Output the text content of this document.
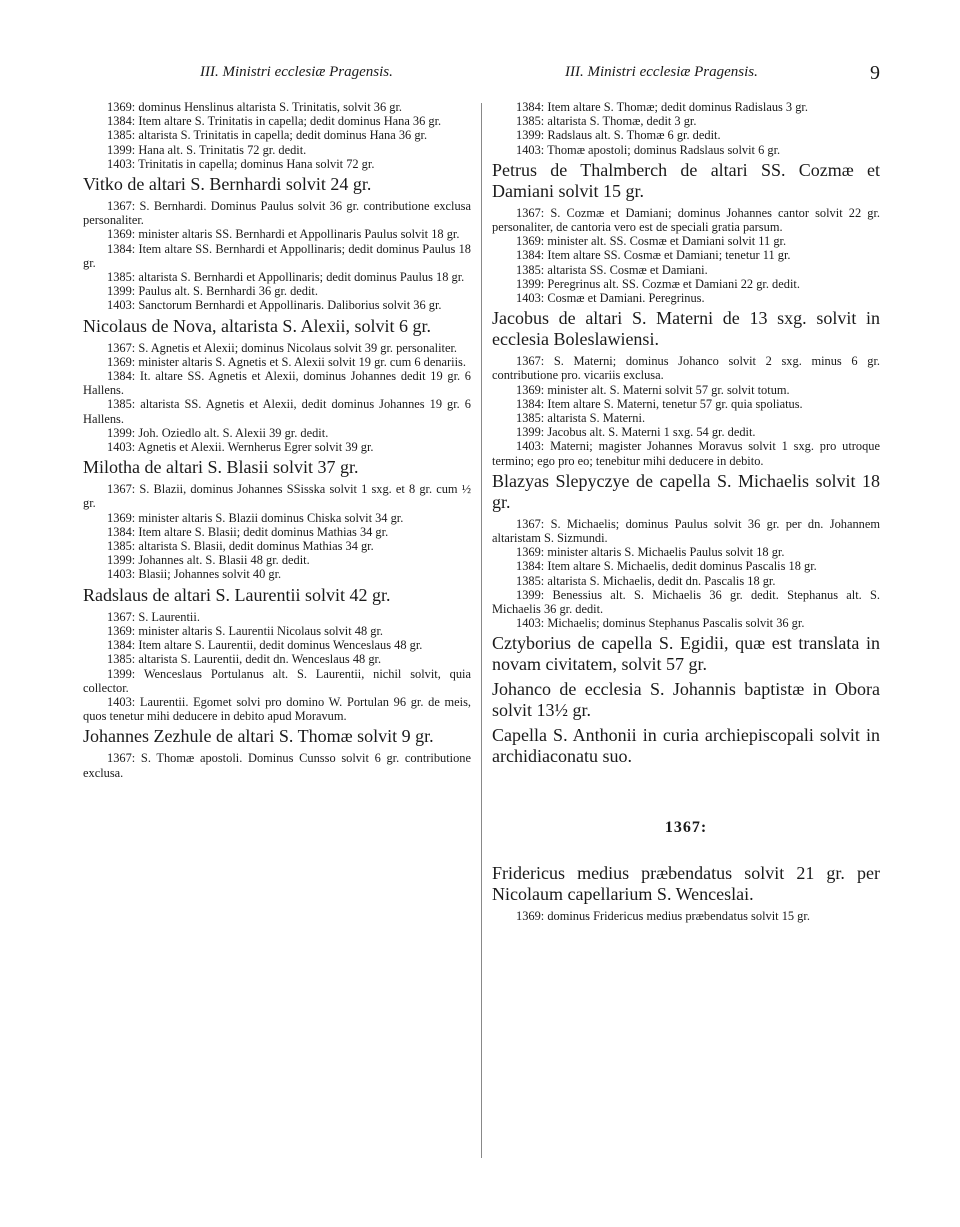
III. Ministri ecclesiæ Pragensis.	III. Ministri ecclesiæ Pragensis.	9

1369: dominus Henslinus altarista S. Trinitatis, solvit 36 gr.

1384: Item altare S. Trinitatis in capella; dedit dominus Hana 36 gr.

1385: altarista S. Trinitatis in capella; dedit dominus Hana 36 gr.

1399: Hana alt. S. Trinitatis 72 gr. dedit.

1403: Trinitatis in capella; dominus Hana solvit 72 gr.

Vitko de altari S. Bernhardi solvit 24 gr.

1367: S. Bernhardi. Dominus Paulus solvit 36 gr. contributione exclusa personaliter.

1369: minister altaris SS. Bernhardi et Appollinaris Paulus solvit 18 gr.

1384: Item altare SS. Bernhardi et Appollinaris; dedit dominus Paulus 18 gr.

1385: altarista S. Bernhardi et Appollinaris; dedit dominus Paulus 18 gr.

1399: Paulus alt. S. Bernhardi 36 gr. dedit.

1403: Sanctorum Bernhardi et Appollinaris. Daliborius solvit 36 gr.

Nicolaus de Nova, altarista S. Alexii, solvit 6 gr.

1367: S. Agnetis et Alexii; dominus Nicolaus solvit 39 gr. personaliter.

1369: minister altaris S. Agnetis et S. Alexii solvit 19 gr. cum 6 denariis.

1384: It. altare SS. Agnetis et Alexii, dominus Johannes dedit 19 gr. 6 Hallens.

1385: altarista SS. Agnetis et Alexii, dedit dominus Johannes 19 gr. 6 Hallens.

1399: Joh. Oziedlo alt. S. Alexii 39 gr. dedit.

1403: Agnetis et Alexii. Wernherus Egrer solvit 39 gr.

Milotha de altari S. Blasii solvit 37 gr.

1367: S. Blazii, dominus Johannes SSisska solvit 1 sxg. et 8 gr. cum ½ gr.

1369: minister altaris S. Blazii dominus Chiska solvit 34 gr.

1384: Item altare S. Blasii; dedit dominus Mathias 34 gr.

1385: altarista S. Blasii, dedit dominus Mathias 34 gr.

1399: Johannes alt. S. Blasii 48 gr. dedit.

1403: Blasii; Johannes solvit 40 gr.

Radslaus de altari S. Laurentii solvit 42 gr.

1367: S. Laurentii.

1369: minister altaris S. Laurentii Nicolaus solvit 48 gr.

1384: Item altare S. Laurentii, dedit dominus Wenceslaus 48 gr.

1385: altarista S. Laurentii, dedit dn. Wenceslaus 48 gr.

1399: Wenceslaus Portulanus alt. S. Laurentii, nichil solvit, quia collector.

1403: Laurentii. Egomet solvi pro domino W. Portulan 96 gr. de meis, quos tenetur mihi deducere in debito apud Moravum.

Johannes Zezhule de altari S. Thomæ solvit 9 gr.

1367: S. Thomæ apostoli. Dominus Cunsso solvit 6 gr. contributione exclusa.

1384: Item altare S. Thomæ; dedit dominus Radislaus 3 gr.

1385: altarista S. Thomæ, dedit 3 gr.

1399: Radslaus alt. S. Thomæ 6 gr. dedit.

1403: Thomæ apostoli; dominus Radslaus solvit 6 gr.

Petrus de Thalmberch de altari SS. Cozmæ et Damiani solvit 15 gr.

1367: S. Cozmæ et Damiani; dominus Johannes cantor solvit 22 gr. personaliter, de cantoria vero est de speciali gratia parsum.

1369: minister alt. SS. Cosmæ et Damiani solvit 11 gr.

1384: Item altare SS. Cosmæ et Damiani; tenetur 11 gr.

1385: altarista SS. Cosmæ et Damiani.

1399: Peregrinus alt. SS. Cozmæ et Damiani 22 gr. dedit.

1403: Cosmæ et Damiani. Peregrinus.

Jacobus de altari S. Materni de 13 sxg. solvit in ecclesia Boleslawiensi.

1367: S. Materni; dominus Johanco solvit 2 sxg. minus 6 gr. contributione pro. vicariis exclusa.

1369: minister alt. S. Materni solvit 57 gr. solvit totum.

1384: Item altare S. Materni, tenetur 57 gr. quia spoliatus.

1385: altarista S. Materni.

1399: Jacobus alt. S. Materni 1 sxg. 54 gr. dedit.

1403: Materni; magister Johannes Moravus solvit 1 sxg. pro utroque termino; ego pro eo; tenebitur mihi deducere in debito.

Blazyas Slepyczye de capella S. Michaelis solvit 18 gr.

1367: S. Michaelis; dominus Paulus solvit 36 gr. per dn. Johannem altaristam S. Sizmundi.

1369: minister altaris S. Michaelis Paulus solvit 18 gr.

1384: Item altare S. Michaelis, dedit dominus Pascalis 18 gr.

1385: altarista S. Michaelis, dedit dn. Pascalis 18 gr.

1399: Benessius alt. S. Michaelis 36 gr. dedit. Stephanus alt. S. Michaelis 36 gr. dedit.

1403: Michaelis; dominus Stephanus Pascalis solvit 36 gr.

Cztyborius de capella S. Egidii, quæ est translata in novam civitatem, solvit 57 gr.

Johanco de ecclesia S. Johannis baptistæ in Obora solvit 13½ gr.

Capella S. Anthonii in curia archiepiscopali solvit in archidiaconatu suo.

1367:

Fridericus medius præbendatus solvit 21 gr. per Nicolaum capellarium S. Wenceslai.

1369: dominus Fridericus medius præbendatus solvit 15 gr.
